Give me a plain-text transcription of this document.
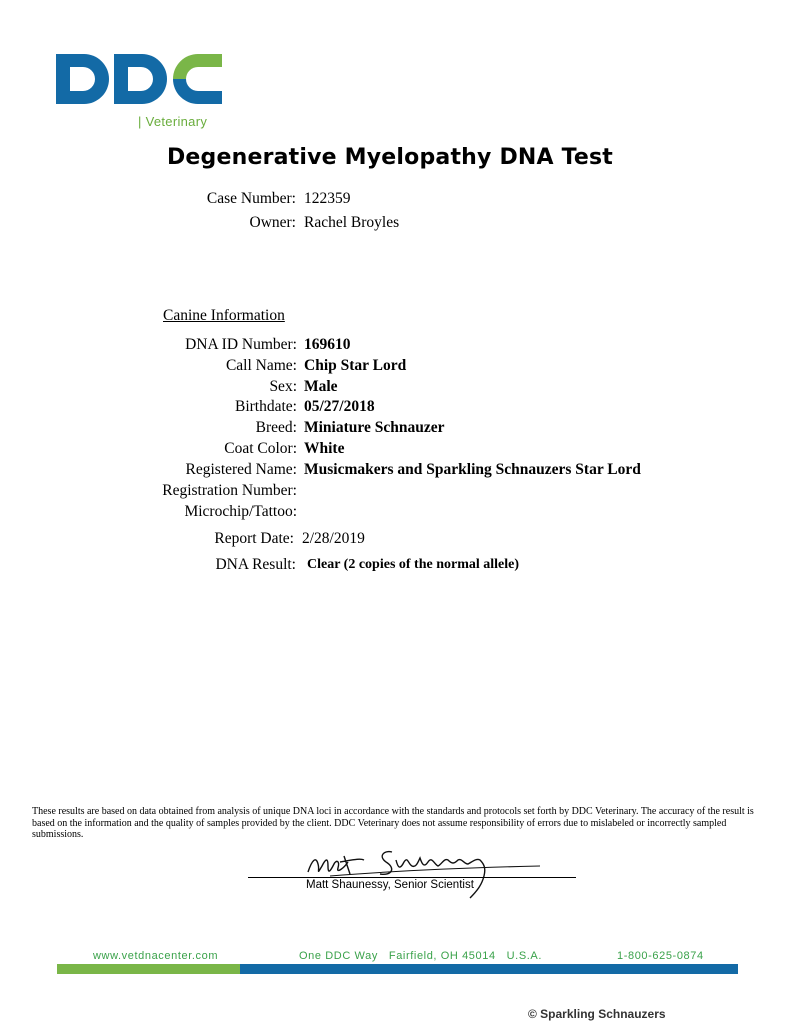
| Veterinary
Degenerative Myelopathy DNA Test
Case Number: 122359
Owner: Rachel Broyles
Canine Information
DNA ID Number: 169610
Call Name: Chip Star Lord
Sex: Male
Birthdate: 05/27/2018
Breed: Miniature Schnauzer
Coat Color: White
Registered Name: Musicmakers and Sparkling Schnauzers Star Lord
Registration Number:
Microchip/Tattoo:
Report Date: 2/28/2019
DNA Result: Clear (2 copies of the normal allele)
These results are based on data obtained from analysis of unique DNA loci in accordance with the standards and protocols set forth by DDC Veterinary. The accuracy of the result is based on the information and the quality of samples provided by the client. DDC Veterinary does not assume responsibility of errors due to mislabeled or incorrectly sampled submissions.
Matt Shaunessy, Senior Scientist
www.vetdnacenter.com	One DDC Way   Fairfield, OH 45014   U.S.A.	1-800-625-0874
© Sparkling Schnauzers
